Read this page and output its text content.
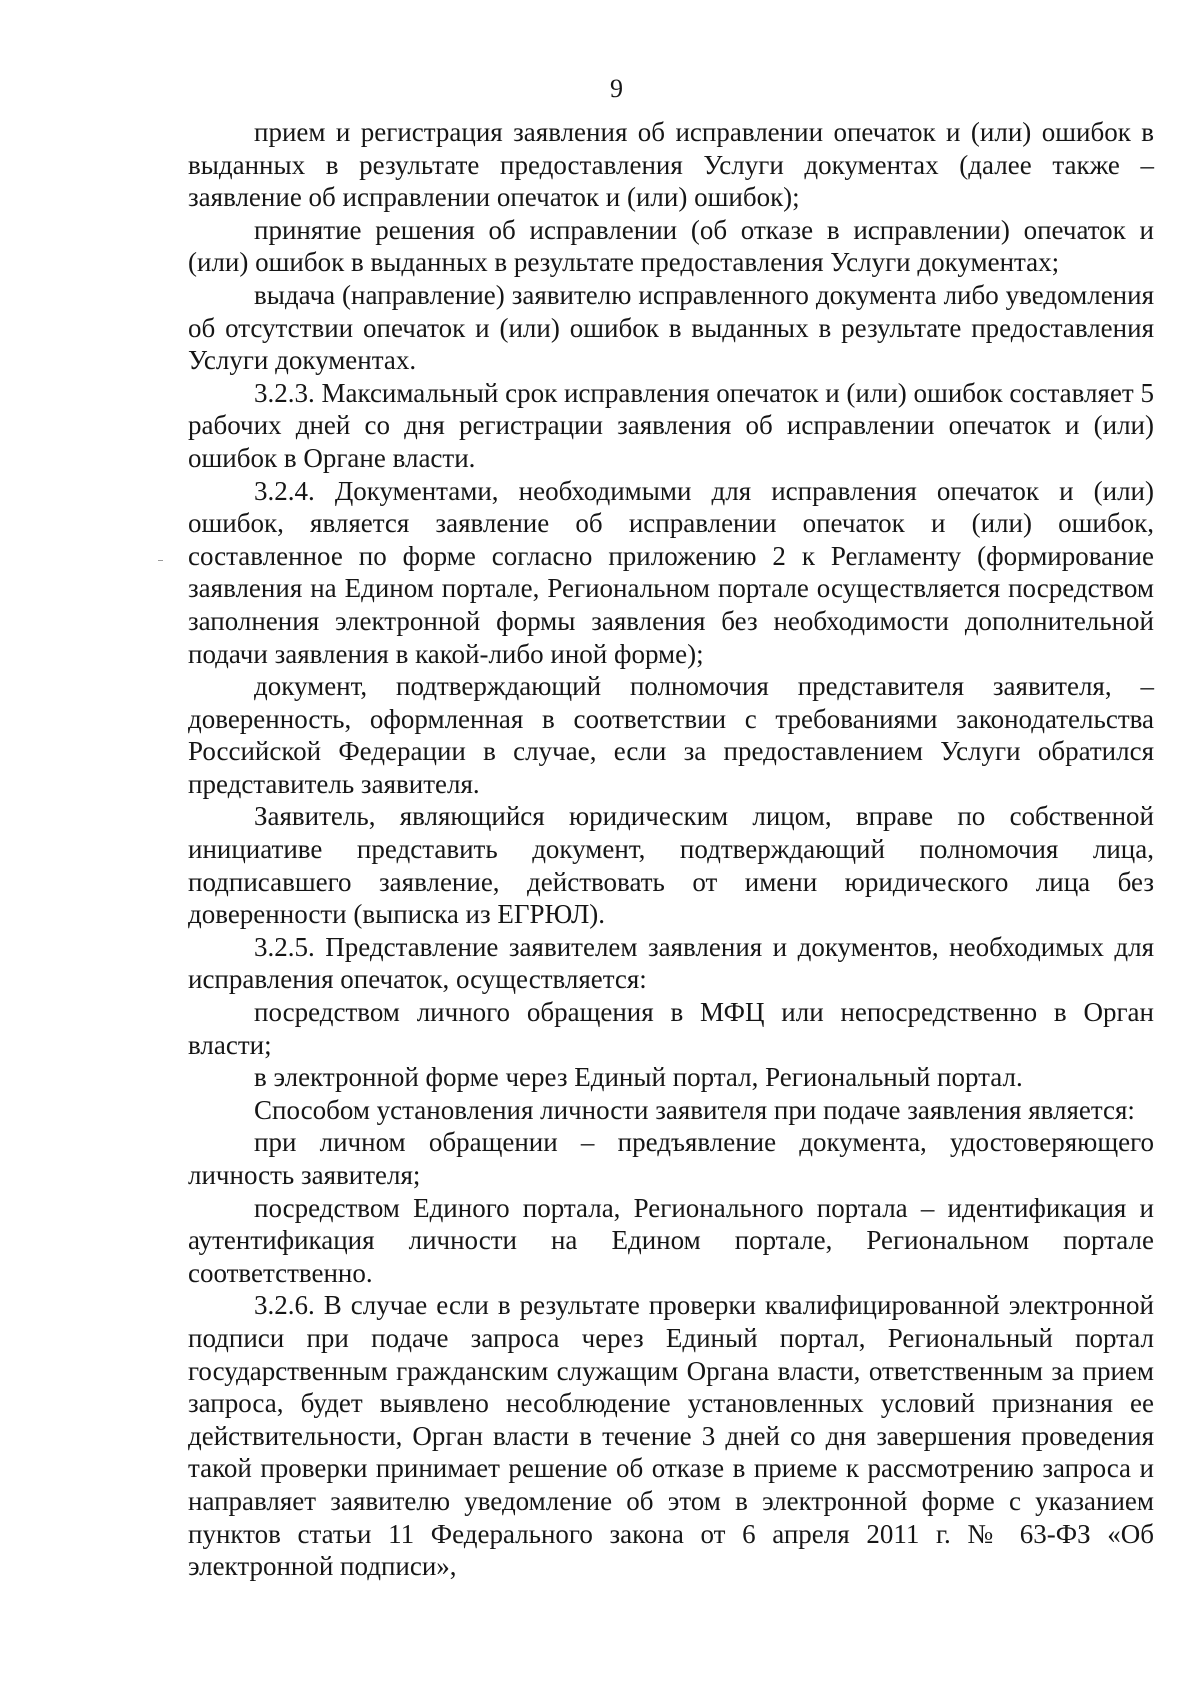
9

прием и регистрация заявления об исправлении опечаток и (или) ошибок в выданных в результате предоставления Услуги документах (далее также – заявление об исправлении опечаток и (или) ошибок);

принятие решения об исправлении (об отказе в исправлении) опечаток и (или) ошибок в выданных в результате предоставления Услуги документах;

выдача (направление) заявителю исправленного документа либо уведомления об отсутствии опечаток и (или) ошибок в выданных в результате предоставления Услуги документах.

3.2.3. Максимальный срок исправления опечаток и (или) ошибок составляет 5 рабочих дней со дня регистрации заявления об исправлении опечаток и (или) ошибок в Органе власти.

3.2.4. Документами, необходимыми для исправления опечаток и (или) ошибок, является заявление об исправлении опечаток и (или) ошибок, составленное по форме согласно приложению 2 к Регламенту (формирование заявления на Едином портале, Региональном портале осуществляется посредством заполнения электронной формы заявления без необходимости дополнительной подачи заявления в какой-либо иной форме);

документ, подтверждающий полномочия представителя заявителя, – доверенность, оформленная в соответствии с требованиями законодательства Российской Федерации в случае, если за предоставлением Услуги обратился представитель заявителя.

Заявитель, являющийся юридическим лицом, вправе по собственной инициативе представить документ, подтверждающий полномочия лица, подписавшего заявление, действовать от имени юридического лица без доверенности (выписка из ЕГРЮЛ).

3.2.5. Представление заявителем заявления и документов, необходимых для исправления опечаток, осуществляется:

посредством личного обращения в МФЦ или непосредственно в Орган власти;

в электронной форме через Единый портал, Региональный портал.

Способом установления личности заявителя при подаче заявления является:

при личном обращении – предъявление документа, удостоверяющего личность заявителя;

посредством Единого портала, Регионального портала – идентификация и аутентификация личности на Едином портале, Региональном портале соответственно.

3.2.6. В случае если в результате проверки квалифицированной электронной подписи при подаче запроса через Единый портал, Региональный портал государственным гражданским служащим Органа власти, ответственным за прием запроса, будет выявлено несоблюдение установленных условий признания ее действительности, Орган власти в течение 3 дней со дня завершения проведения такой проверки принимает решение об отказе в приеме к рассмотрению запроса и направляет заявителю уведомление об этом в электронной форме с указанием пунктов статьи 11 Федерального закона от 6 апреля 2011 г. № 63-ФЗ «Об электронной подписи»,
